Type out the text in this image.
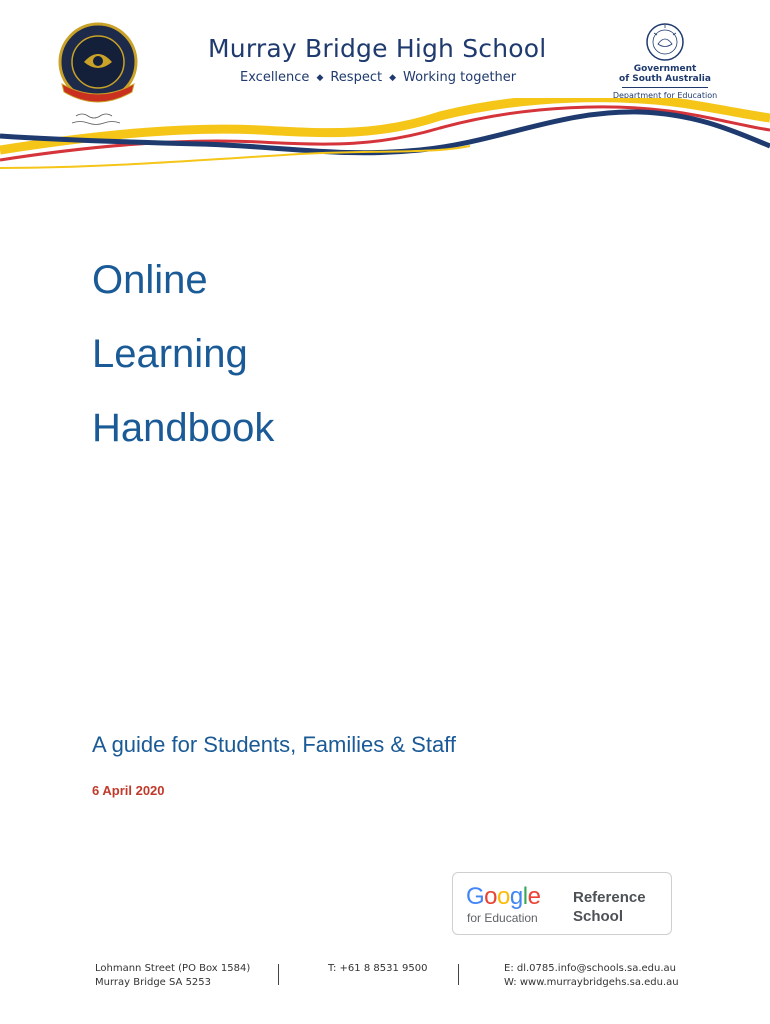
Murray Bridge High School
Excellence ◆ Respect ◆ Working together
Government
of South Australia
Department for Education
Online
Learning
Handbook
A guide for Students, Families & Staff
6 April 2020
Google
for Education
Reference
School
Lohmann Street (PO Box 1584)
Murray Bridge SA 5253
T: +61 8 8531 9500	E: dl.0785.info@schools.sa.edu.au
W: www.murraybridgehs.sa.edu.au
